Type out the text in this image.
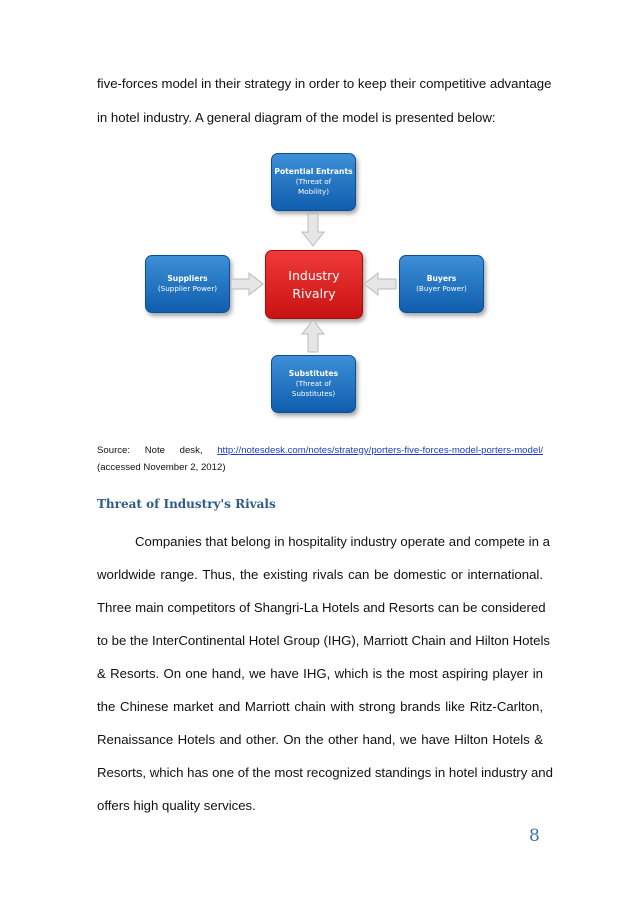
five-forces model in their strategy in order to keep their competitive advantage
in hotel industry. A general diagram of the model is presented below:
Potential Entrants
(Threat of
Mobility)
Suppliers
(Supplier Power)
Industry
Rivalry
Buyers
(Buyer Power)
Substitutes
(Threat of
Substitutes)
Source: Note desk, http://notesdesk.com/notes/strategy/porters-five-forces-model-porters-model/
(accessed November 2, 2012)
Threat of Industry's Rivals
Companies that belong in hospitality industry operate and compete in a
worldwide range. Thus, the existing rivals can be domestic or international.
Three main competitors of Shangri-La Hotels and Resorts can be considered
to be the InterContinental Hotel Group (IHG), Marriott Chain and Hilton Hotels
& Resorts. On one hand, we have IHG, which is the most aspiring player in
the Chinese market and Marriott chain with strong brands like Ritz-Carlton,
Renaissance Hotels and other. On the other hand, we have Hilton Hotels &
Resorts, which has one of the most recognized standings in hotel industry and
offers high quality services.
8
